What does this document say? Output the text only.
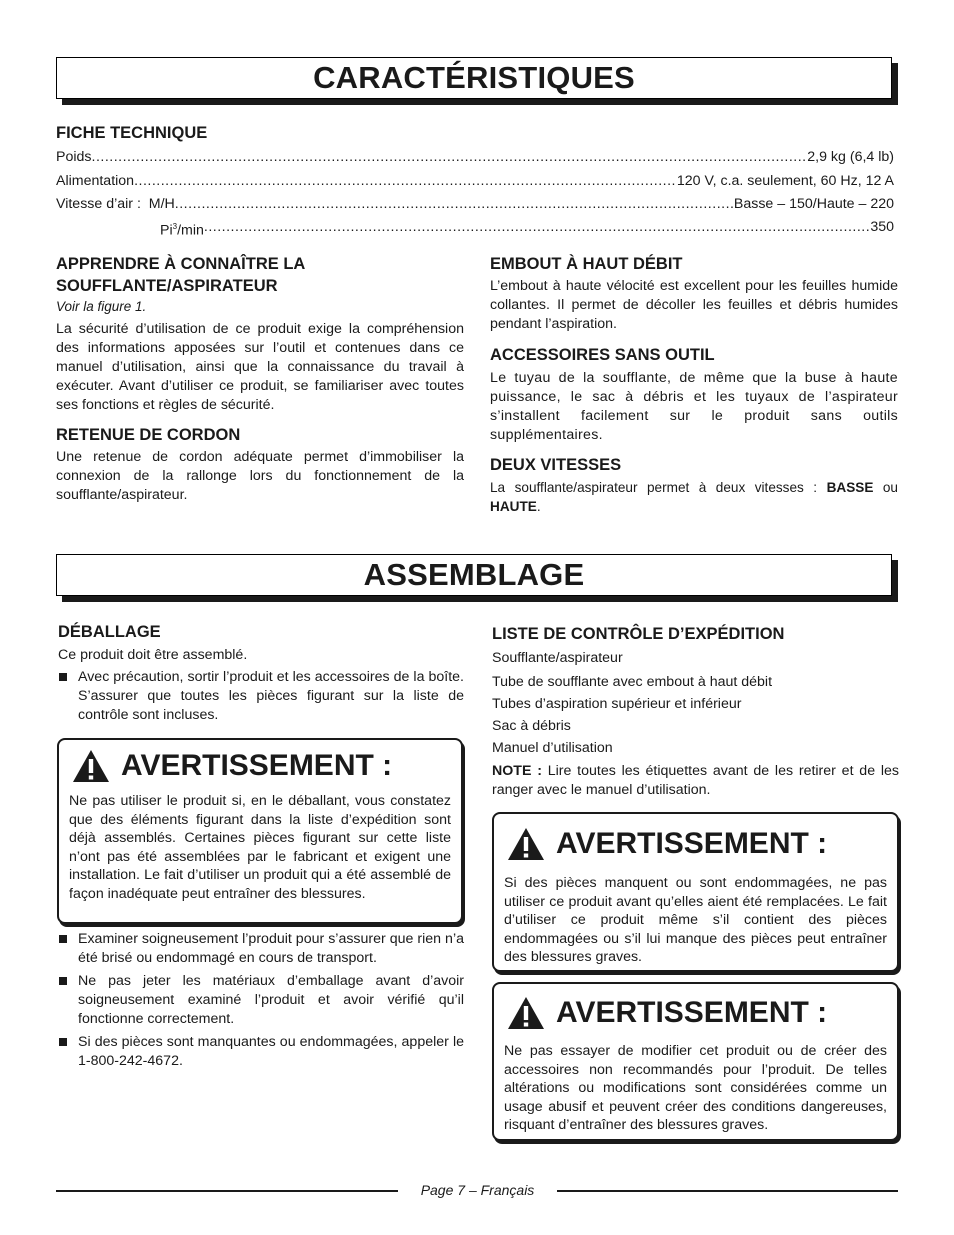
CARACTÉRISTIQUES
FICHE TECHNIQUE
Poids .....	2,9 kg (6,4 lb)
Alimentation .....	120 V, c.a. seulement, 60 Hz, 12 A
Vitesse d’air :  M/H .....	Basse – 150/Haute – 220
Pi$^3$/min .....	350
APPRENDRE À CONNAÎTRE LA
SOUFFLANTE/ASPIRATEUR
Voir la figure 1.
La sécurité d’utilisation de ce produit exige la compréhension des informations apposées sur l’outil et contenues dans ce manuel d’utilisation, ainsi que la connaissance du travail à exécuter. Avant d’utiliser ce produit, se familiariser avec toutes ses fonctions et règles de sécurité.
RETENUE DE CORDON
Une retenue de cordon adéquate permet d’immobiliser la connexion de la rallonge lors du fonctionnement de la soufflante/aspirateur.
EMBOUT À HAUT DÉBIT
L’embout à haute vélocité est excellent pour les feuilles humide collantes. Il permet de décoller les feuilles et débris humides pendant l’aspiration.
ACCESSOIRES SANS OUTIL
Le tuyau de la soufflante, de même que la buse à haute puissance, le sac à débris et les tuyaux de l’aspirateur s’installent facilement sur le produit sans outils supplémentaires.
DEUX VITESSES
La soufflante/aspirateur permet à deux vitesses : BASSE ou HAUTE.
ASSEMBLAGE
DÉBALLAGE
Ce produit doit être assemblé.
Avec précaution, sortir l’produit et les accessoires de la boîte. S’assurer que toutes les pièces figurant sur la liste de contrôle sont incluses.
AVERTISSEMENT :
Ne pas utiliser le produit si, en le déballant, vous constatez que des éléments figurant dans la liste d’expédition sont déjà assemblés. Certaines pièces figurant sur cette liste n’ont pas été assemblées par le fabricant et exigent une installation. Le fait d’utiliser un produit qui a été assemblé de façon inadéquate peut entraîner des blessures.
Examiner soigneusement l’produit pour s’assurer que rien n’a été brisé ou endommagé en cours de transport.
Ne pas jeter les matériaux d’emballage avant d’avoir soigneusement examiné l’produit et avoir vérifié qu’il fonctionne correctement.
Si des pièces sont manquantes ou endommagées, appeler le 1-800-242-4672.
LISTE DE CONTRÔLE D’EXPÉDITION
Soufflante/aspirateur
Tube de soufflante avec embout à haut débit
Tubes d’aspiration supérieur et inférieur
Sac à débris
Manuel d’utilisation
NOTE : Lire toutes les étiquettes avant de les retirer et de les ranger avec le manuel d’utilisation.
AVERTISSEMENT :
Si des pièces manquent ou sont endommagées, ne pas utiliser ce produit avant qu’elles aient été remplacées. Le fait d’utiliser ce produit même s’il contient des pièces endommagées ou s’il lui manque des pièces peut entraîner des blessures graves.
AVERTISSEMENT :
Ne pas essayer de modifier cet produit ou de créer des accessoires non recommandés pour l’produit. De telles altérations ou modifications sont considérées comme un usage abusif et peuvent créer des conditions dangereuses, risquant d’entraîner des blessures graves.
Page 7 – Français
